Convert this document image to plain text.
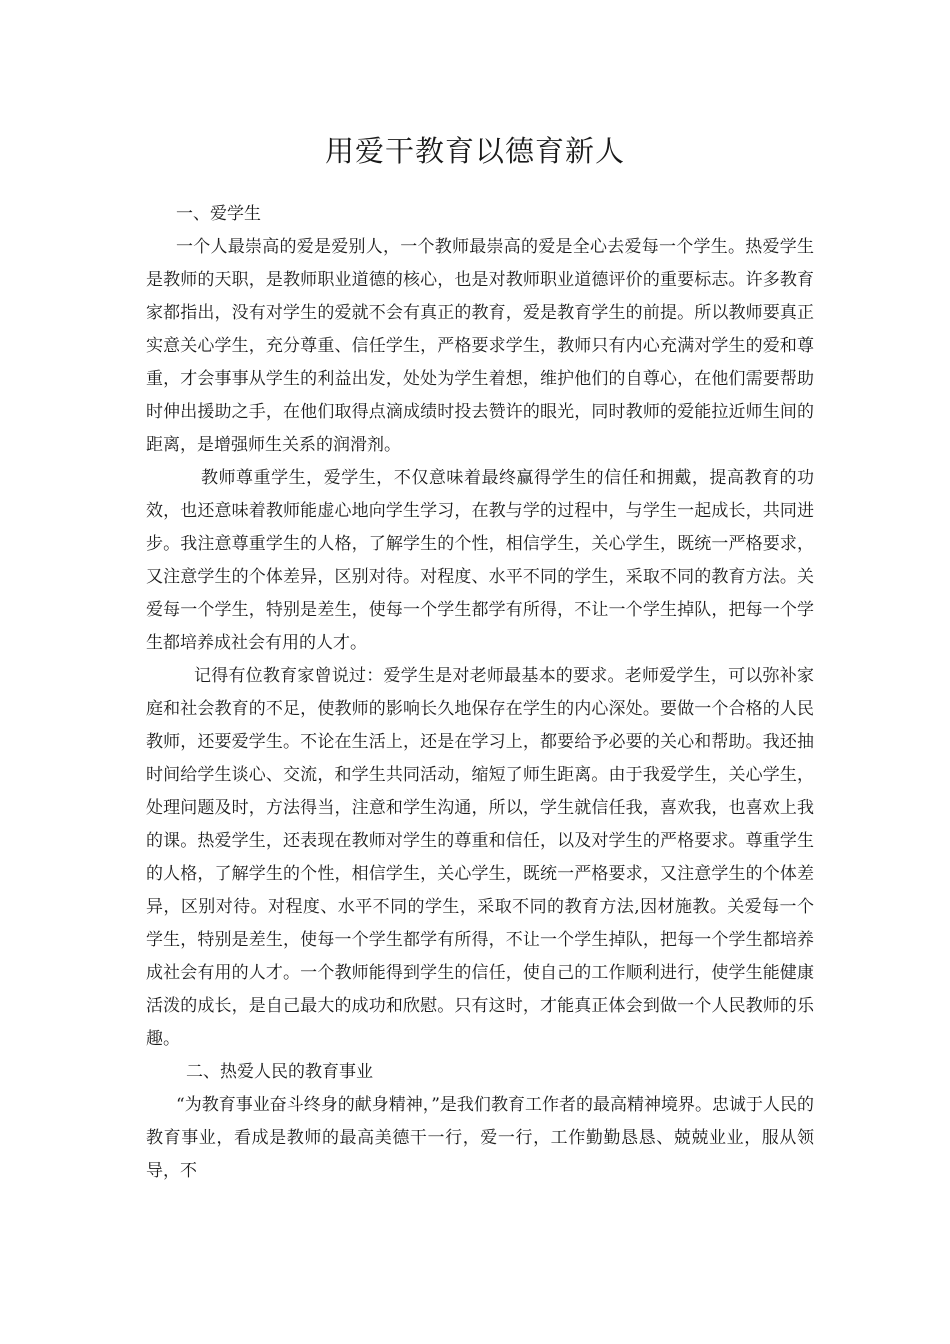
用爱干教育以德育新人

一、爱学生

一个人最崇高的爱是爱别人，一个教师最崇高的爱是全心去爱每一个学生。热爱学生是教师的天职，是教师职业道德的核心，也是对教师职业道德评价的重要标志。许多教育家都指出，没有对学生的爱就不会有真正的教育，爱是教育学生的前提。所以教师要真正实意关心学生，充分尊重、信任学生，严格要求学生，教师只有内心充满对学生的爱和尊重，才会事事从学生的利益出发，处处为学生着想，维护他们的自尊心，在他们需要帮助时伸出援助之手，在他们取得点滴成绩时投去赞许的眼光，同时教师的爱能拉近师生间的距离，是增强师生关系的润滑剂。

教师尊重学生，爱学生，不仅意味着最终赢得学生的信任和拥戴，提高教育的功效，也还意味着教师能虚心地向学生学习，在教与学的过程中，与学生一起成长，共同进步。我注意尊重学生的人格，了解学生的个性，相信学生，关心学生，既统一严格要求，又注意学生的个体差异，区别对待。对程度、水平不同的学生，采取不同的教育方法。关爱每一个学生，特别是差生，使每一个学生都学有所得，不让一个学生掉队，把每一个学生都培养成社会有用的人才。

记得有位教育家曾说过：爱学生是对老师最基本的要求。老师爱学生，可以弥补家庭和社会教育的不足，使教师的影响长久地保存在学生的内心深处。要做一个合格的人民教师，还要爱学生。不论在生活上，还是在学习上，都要给予必要的关心和帮助。我还抽时间给学生谈心、交流，和学生共同活动，缩短了师生距离。由于我爱学生，关心学生，处理问题及时，方法得当，注意和学生沟通，所以，学生就信任我，喜欢我，也喜欢上我的课。热爱学生，还表现在教师对学生的尊重和信任，以及对学生的严格要求。尊重学生的人格，了解学生的个性，相信学生，关心学生，既统一严格要求，又注意学生的个体差异，区别对待。对程度、水平不同的学生，采取不同的教育方法,因材施教。关爱每一个学生，特别是差生，使每一个学生都学有所得，不让一个学生掉队，把每一个学生都培养成社会有用的人才。一个教师能得到学生的信任，使自己的工作顺利进行，使学生能健康活泼的成长，是自己最大的成功和欣慰。只有这时，才能真正体会到做一个人民教师的乐趣。

二、热爱人民的教育事业

“为教育事业奋斗终身的献身精神，”是我们教育工作者的最高精神境界。忠诚于人民的教育事业，看成是教师的最高美德干一行，爱一行，工作勤勤恳恳、兢兢业业，服从领导，不
